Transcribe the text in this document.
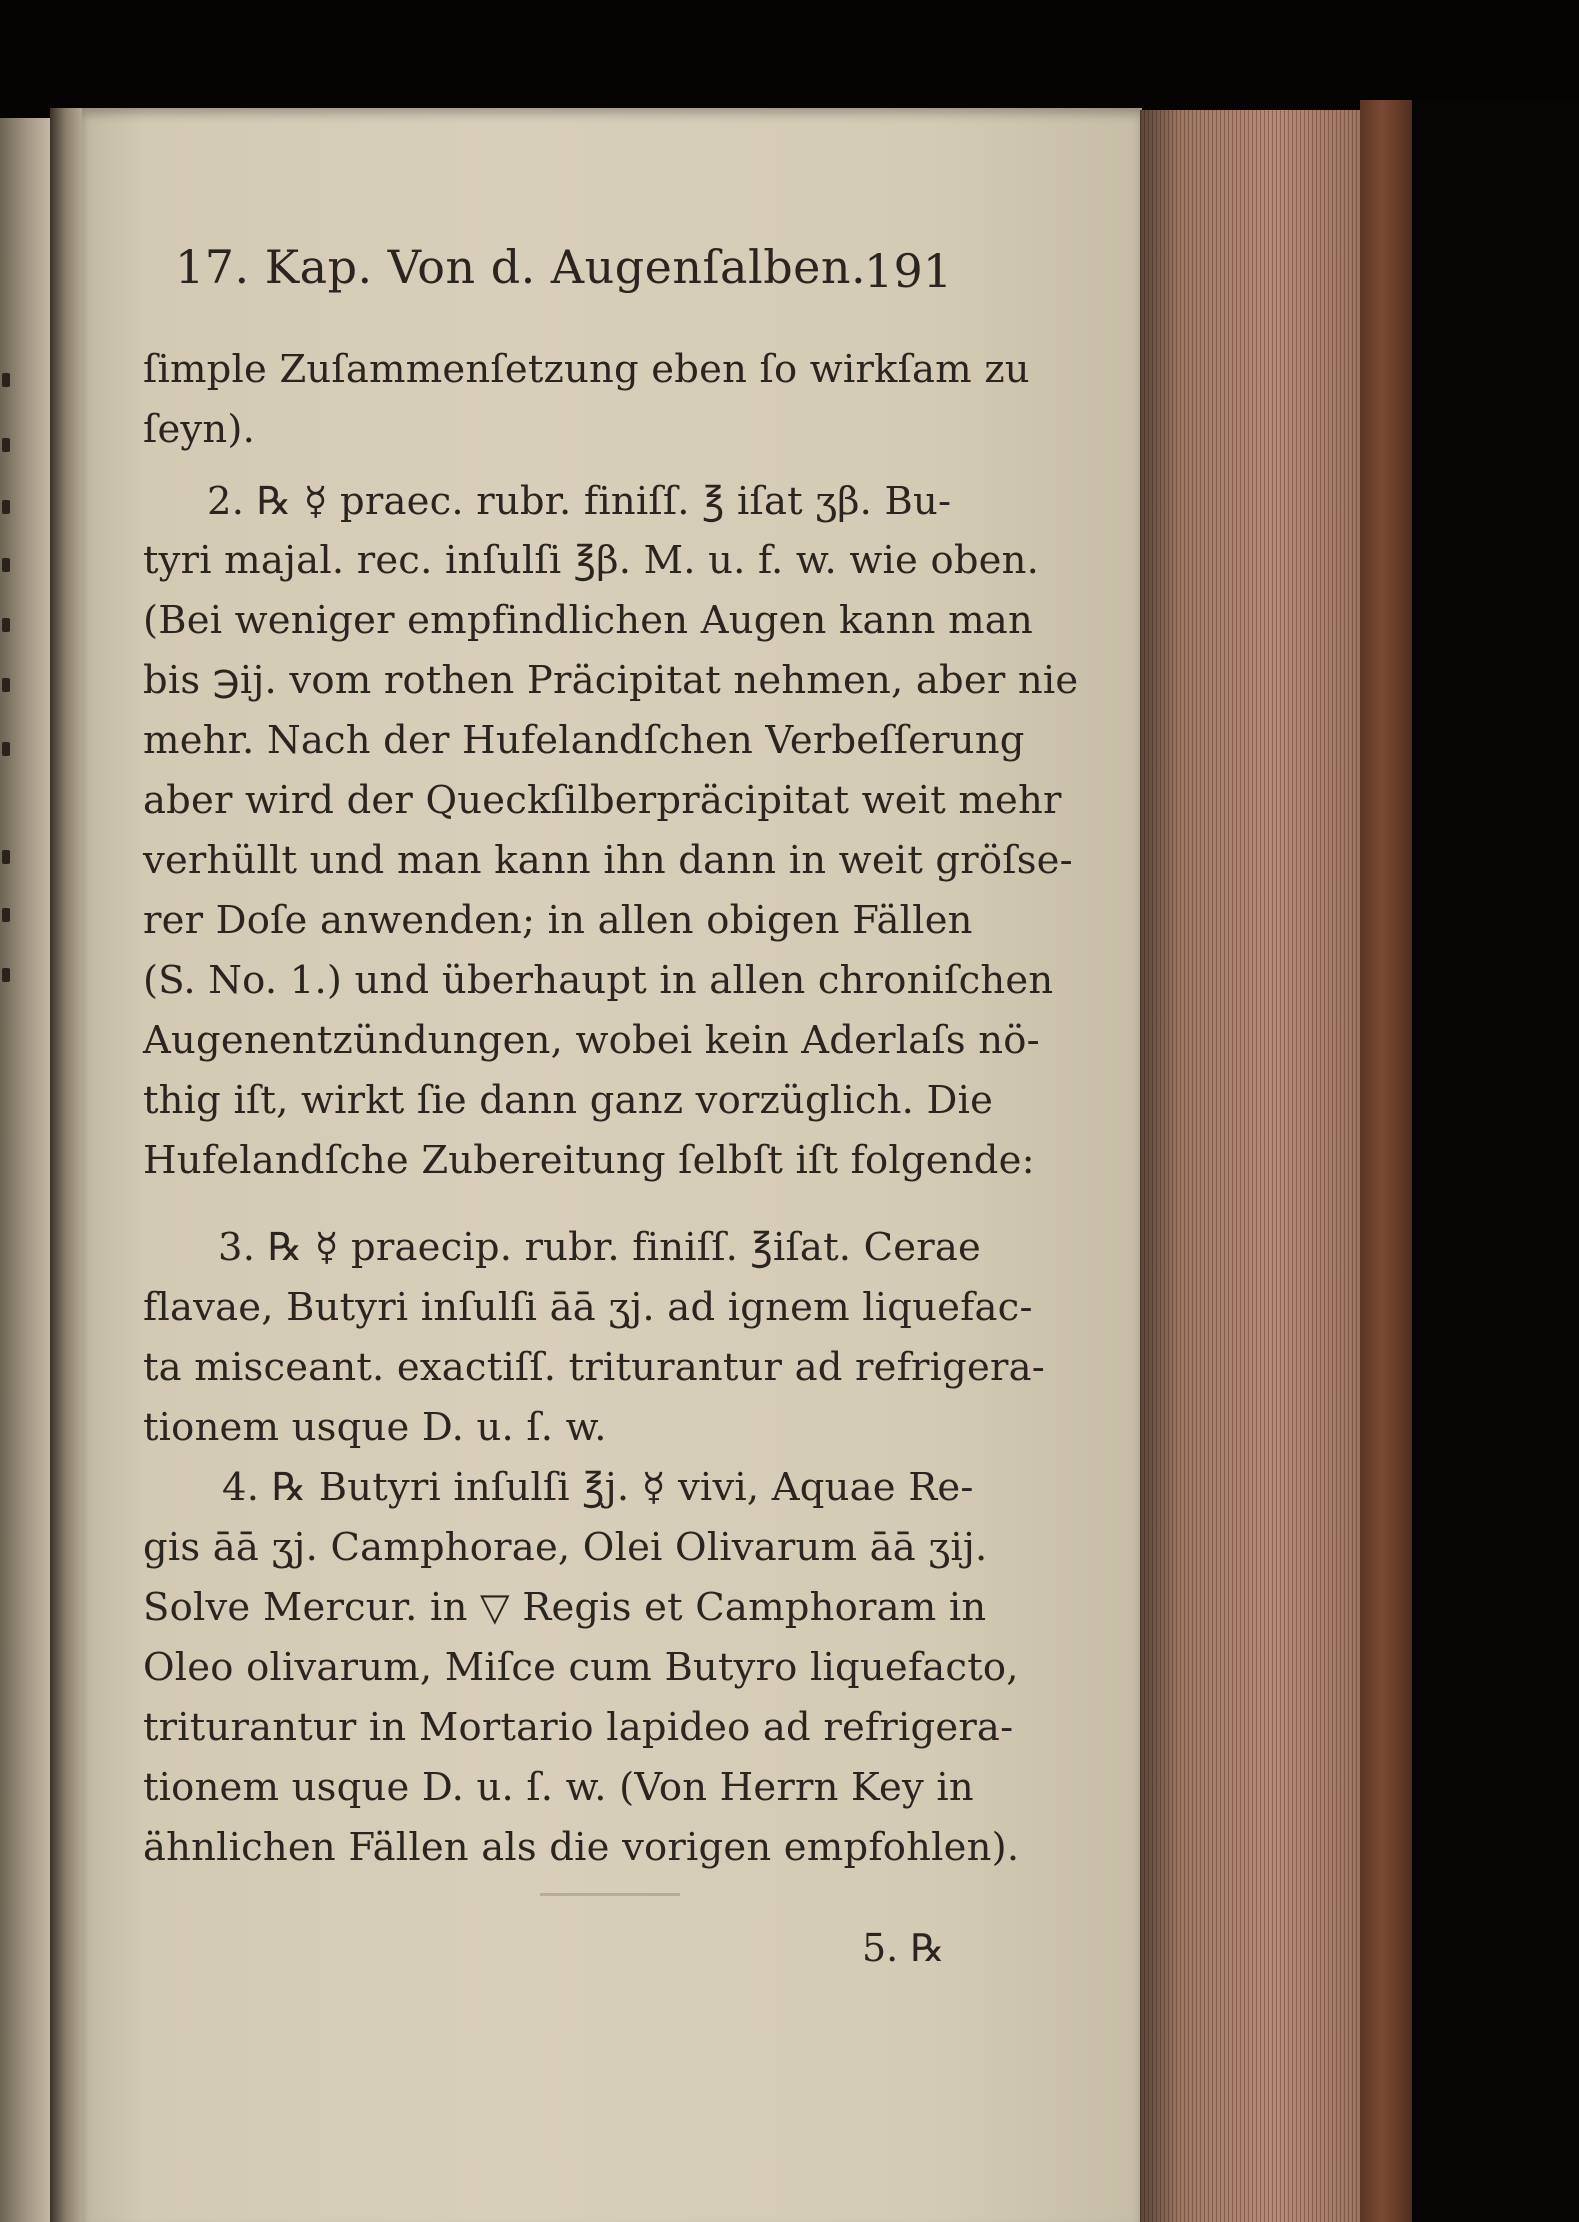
17. Kap. Von d. Augenſalben.

191

ſimple Zuſammenſetzung eben ſo wirkſam zu

ſeyn).

2. ℞ ☿ praec. rubr. finiſſ. ℥ iſat ʒβ. Bu-

tyri majal. rec. inſulſi ℥β. M. u. f. w. wie oben.

(Bei weniger empfindlichen Augen kann man

bis ℈ij. vom rothen Präcipitat nehmen, aber nie

mehr. Nach der Hufelandſchen Verbeſſerung

aber wird der Queckſilberpräcipitat weit mehr

verhüllt und man kann ihn dann in weit gröſse-

rer Doſe anwenden; in allen obigen Fällen

(S. No. 1.) und überhaupt in allen chroniſchen

Augenentzündungen, wobei kein Aderlaſs nö-

thig iſt, wirkt ſie dann ganz vorzüglich. Die

Hufelandſche Zubereitung ſelbſt iſt folgende:

3. ℞ ☿ praecip. rubr. finiſſ. ℥iſat. Cerae

flavae, Butyri inſulſi āā ʒj. ad ignem liquefac-

ta misceant. exactiſſ. triturantur ad refrigera-

tionem usque D. u. ſ. w.

4. ℞ Butyri inſulſi ℥j. ☿ vivi, Aquae Re-

gis āā ʒj. Camphorae, Olei Olivarum āā ʒij.

Solve Mercur. in ▽ Regis et Camphoram in

Oleo olivarum, Miſce cum Butyro liquefacto,

triturantur in Mortario lapideo ad refrigera-

tionem usque D. u. ſ. w. (Von Herrn Key in

ähnlichen Fällen als die vorigen empfohlen).

5. ℞
